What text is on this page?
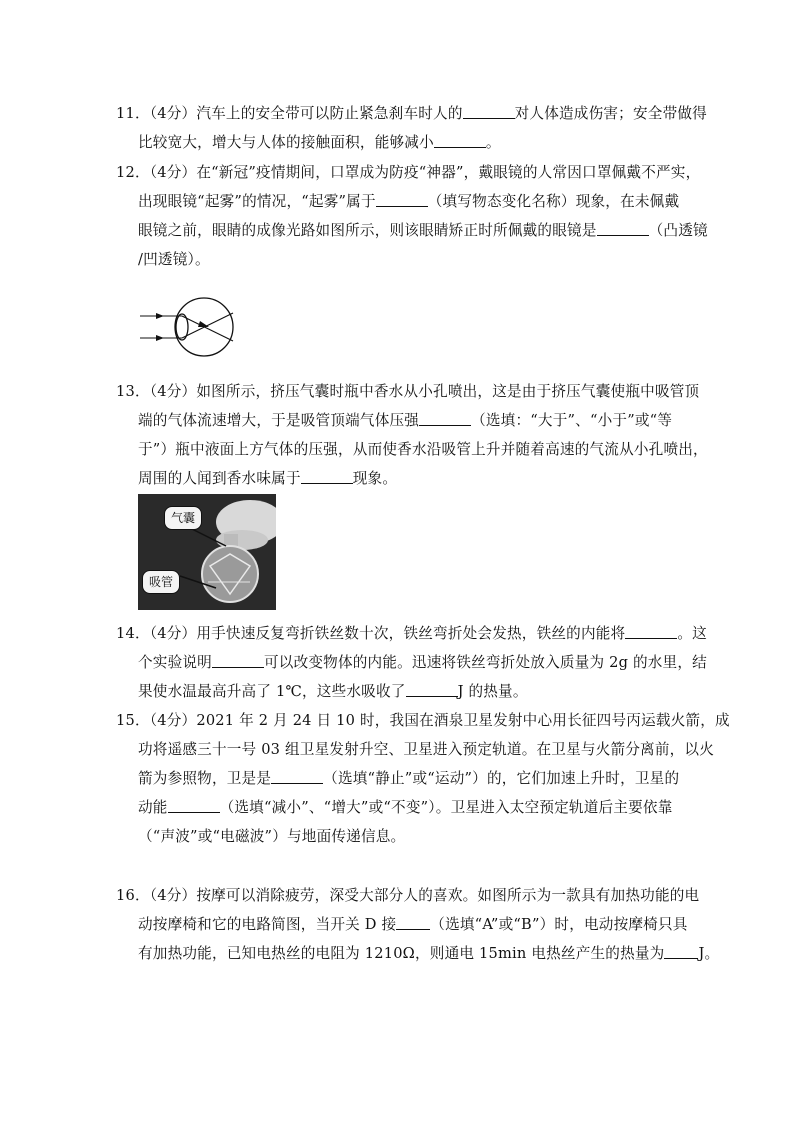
11．（4分）汽车上的安全带可以防止紧急刹车时人的	对人体造成伤害；安全带做得
比较宽大，增大与人体的接触面积，能够减小	。
12．（4分）在“新冠”疫情期间，口罩成为防疫“神器”，戴眼镜的人常因口罩佩戴不严实，
出现眼镜“起雾”的情况，“起雾”属于	（填写物态变化名称）现象，在未佩戴
眼镜之前，眼睛的成像光路如图所示，则该眼睛矫正时所佩戴的眼镜是	（凸透镜
/凹透镜）。
13．（4分）如图所示，挤压气囊时瓶中香水从小孔喷出，这是由于挤压气囊使瓶中吸管顶
端的气体流速增大，于是吸管顶端气体压强	（选填：“大于”、“小于”或“等
于”）瓶中液面上方气体的压强，从而使香水沿吸管上升并随着高速的气流从小孔喷出，
周围的人闻到香水味属于	现象。
气囊
吸管
14．（4分）用手快速反复弯折铁丝数十次，铁丝弯折处会发热，铁丝的内能将	。这
个实验说明	可以改变物体的内能。迅速将铁丝弯折处放入质量为 2g 的水里，结
果使水温最高升高了 1℃，这些水吸收了	J 的热量。
15．（4分）2021 年 2 月 24 日 10 时，我国在酒泉卫星发射中心用长征四号丙运载火箭，成
功将遥感三十一号 03 组卫星发射升空、卫星进入预定轨道。在卫星与火箭分离前，以火
箭为参照物，卫是是	（选填“静止”或“运动”）的，它们加速上升时，卫星的
动能	（选填“减小”、“增大”或“不变”）。卫星进入太空预定轨道后主要依靠
（“声波”或“电磁波”）与地面传递信息。
16．（4分）按摩可以消除疲劳，深受大部分人的喜欢。如图所示为一款具有加热功能的电
动按摩椅和它的电路简图，当开关 D 接 （选填“A”或“B”）时，电动按摩椅只具
有加热功能，已知电热丝的电阻为 1210Ω，则通电 15min 电热丝产生的热量为 J。
